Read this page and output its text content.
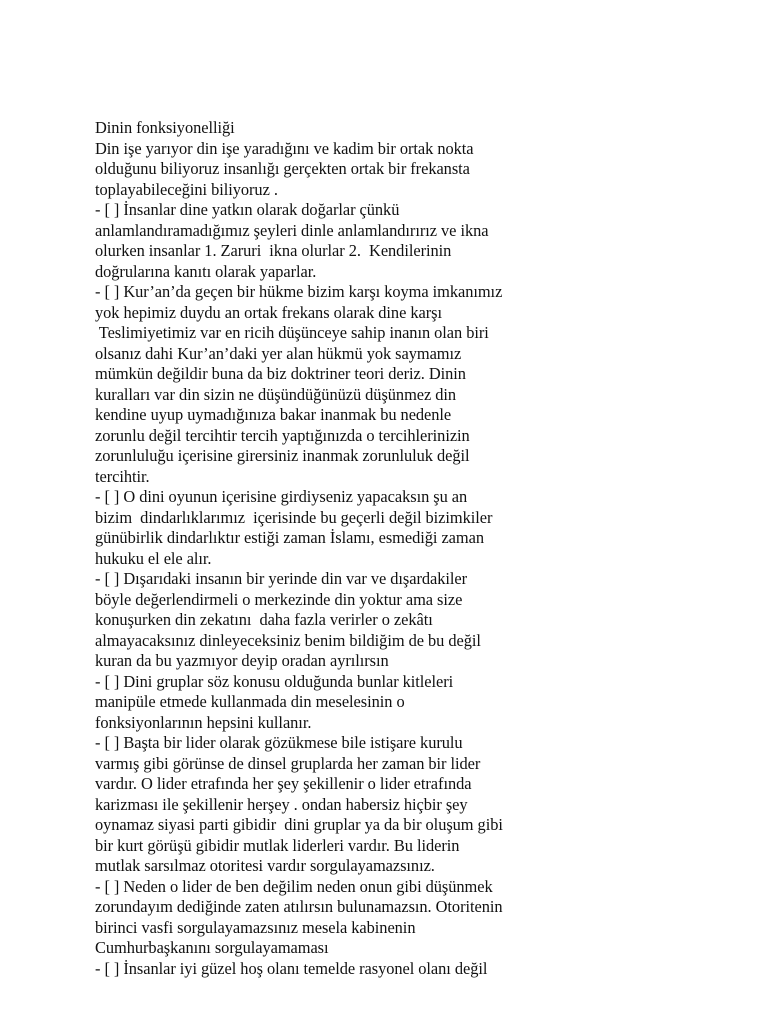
Dinin fonksiyonelliği
Din işe yarıyor din işe yaradığını ve kadim bir ortak nokta
olduğunu biliyoruz insanlığı gerçekten ortak bir frekansta
toplayabileceğini biliyoruz .
- [ ] İnsanlar dine yatkın olarak doğarlar çünkü
anlamlandıramadığımız şeyleri dinle anlamlandırırız ve ikna
olurken insanlar 1. Zaruri  ikna olurlar 2.  Kendilerinin
doğrularına kanıtı olarak yaparlar.
- [ ] Kur’an’da geçen bir hükme bizim karşı koyma imkanımız
yok hepimiz duydu an ortak frekans olarak dine karşı
Teslimiyetimiz var en ricih düşünceye sahip inanın olan biri
olsanız dahi Kur’an’daki yer alan hükmü yok saymamız
mümkün değildir buna da biz doktriner teori deriz. Dinin
kuralları var din sizin ne düşündüğünüzü düşünmez din
kendine uyup uymadığınıza bakar inanmak bu nedenle
zorunlu değil tercihtir tercih yaptığınızda o tercihlerinizin
zorunluluğu içerisine girersiniz inanmak zorunluluk değil
tercihtir.
- [ ] O dini oyunun içerisine girdiyseniz yapacaksın şu an
bizim  dindarlıklarımız  içerisinde bu geçerli değil bizimkiler
günübirlik dindarlıktır estiği zaman İslamı, esmediği zaman
hukuku el ele alır.
- [ ] Dışarıdaki insanın bir yerinde din var ve dışardakiler
böyle değerlendirmeli o merkezinde din yoktur ama size
konuşurken din zekatını  daha fazla verirler o zekâtı
almayacaksınız dinleyeceksiniz benim bildiğim de bu değil
kuran da bu yazmıyor deyip oradan ayrılırsın
- [ ] Dini gruplar söz konusu olduğunda bunlar kitleleri
manipüle etmede kullanmada din meselesinin o
fonksiyonlarının hepsini kullanır.
- [ ] Başta bir lider olarak gözükmese bile istişare kurulu
varmış gibi görünse de dinsel gruplarda her zaman bir lider
vardır. O lider etrafında her şey şekillenir o lider etrafında
karizması ile şekillenir herşey . ondan habersiz hiçbir şey
oynamaz siyasi parti gibidir  dini gruplar ya da bir oluşum gibi
bir kurt görüşü gibidir mutlak liderleri vardır. Bu liderin
mutlak sarsılmaz otoritesi vardır sorgulayamazsınız.
- [ ] Neden o lider de ben değilim neden onun gibi düşünmek
zorundayım dediğinde zaten atılırsın bulunamazsın. Otoritenin
birinci vasfi sorgulayamazsınız mesela kabinenin
Cumhurbaşkanını sorgulayamaması
- [ ] İnsanlar iyi güzel hoş olanı temelde rasyonel olanı değil
